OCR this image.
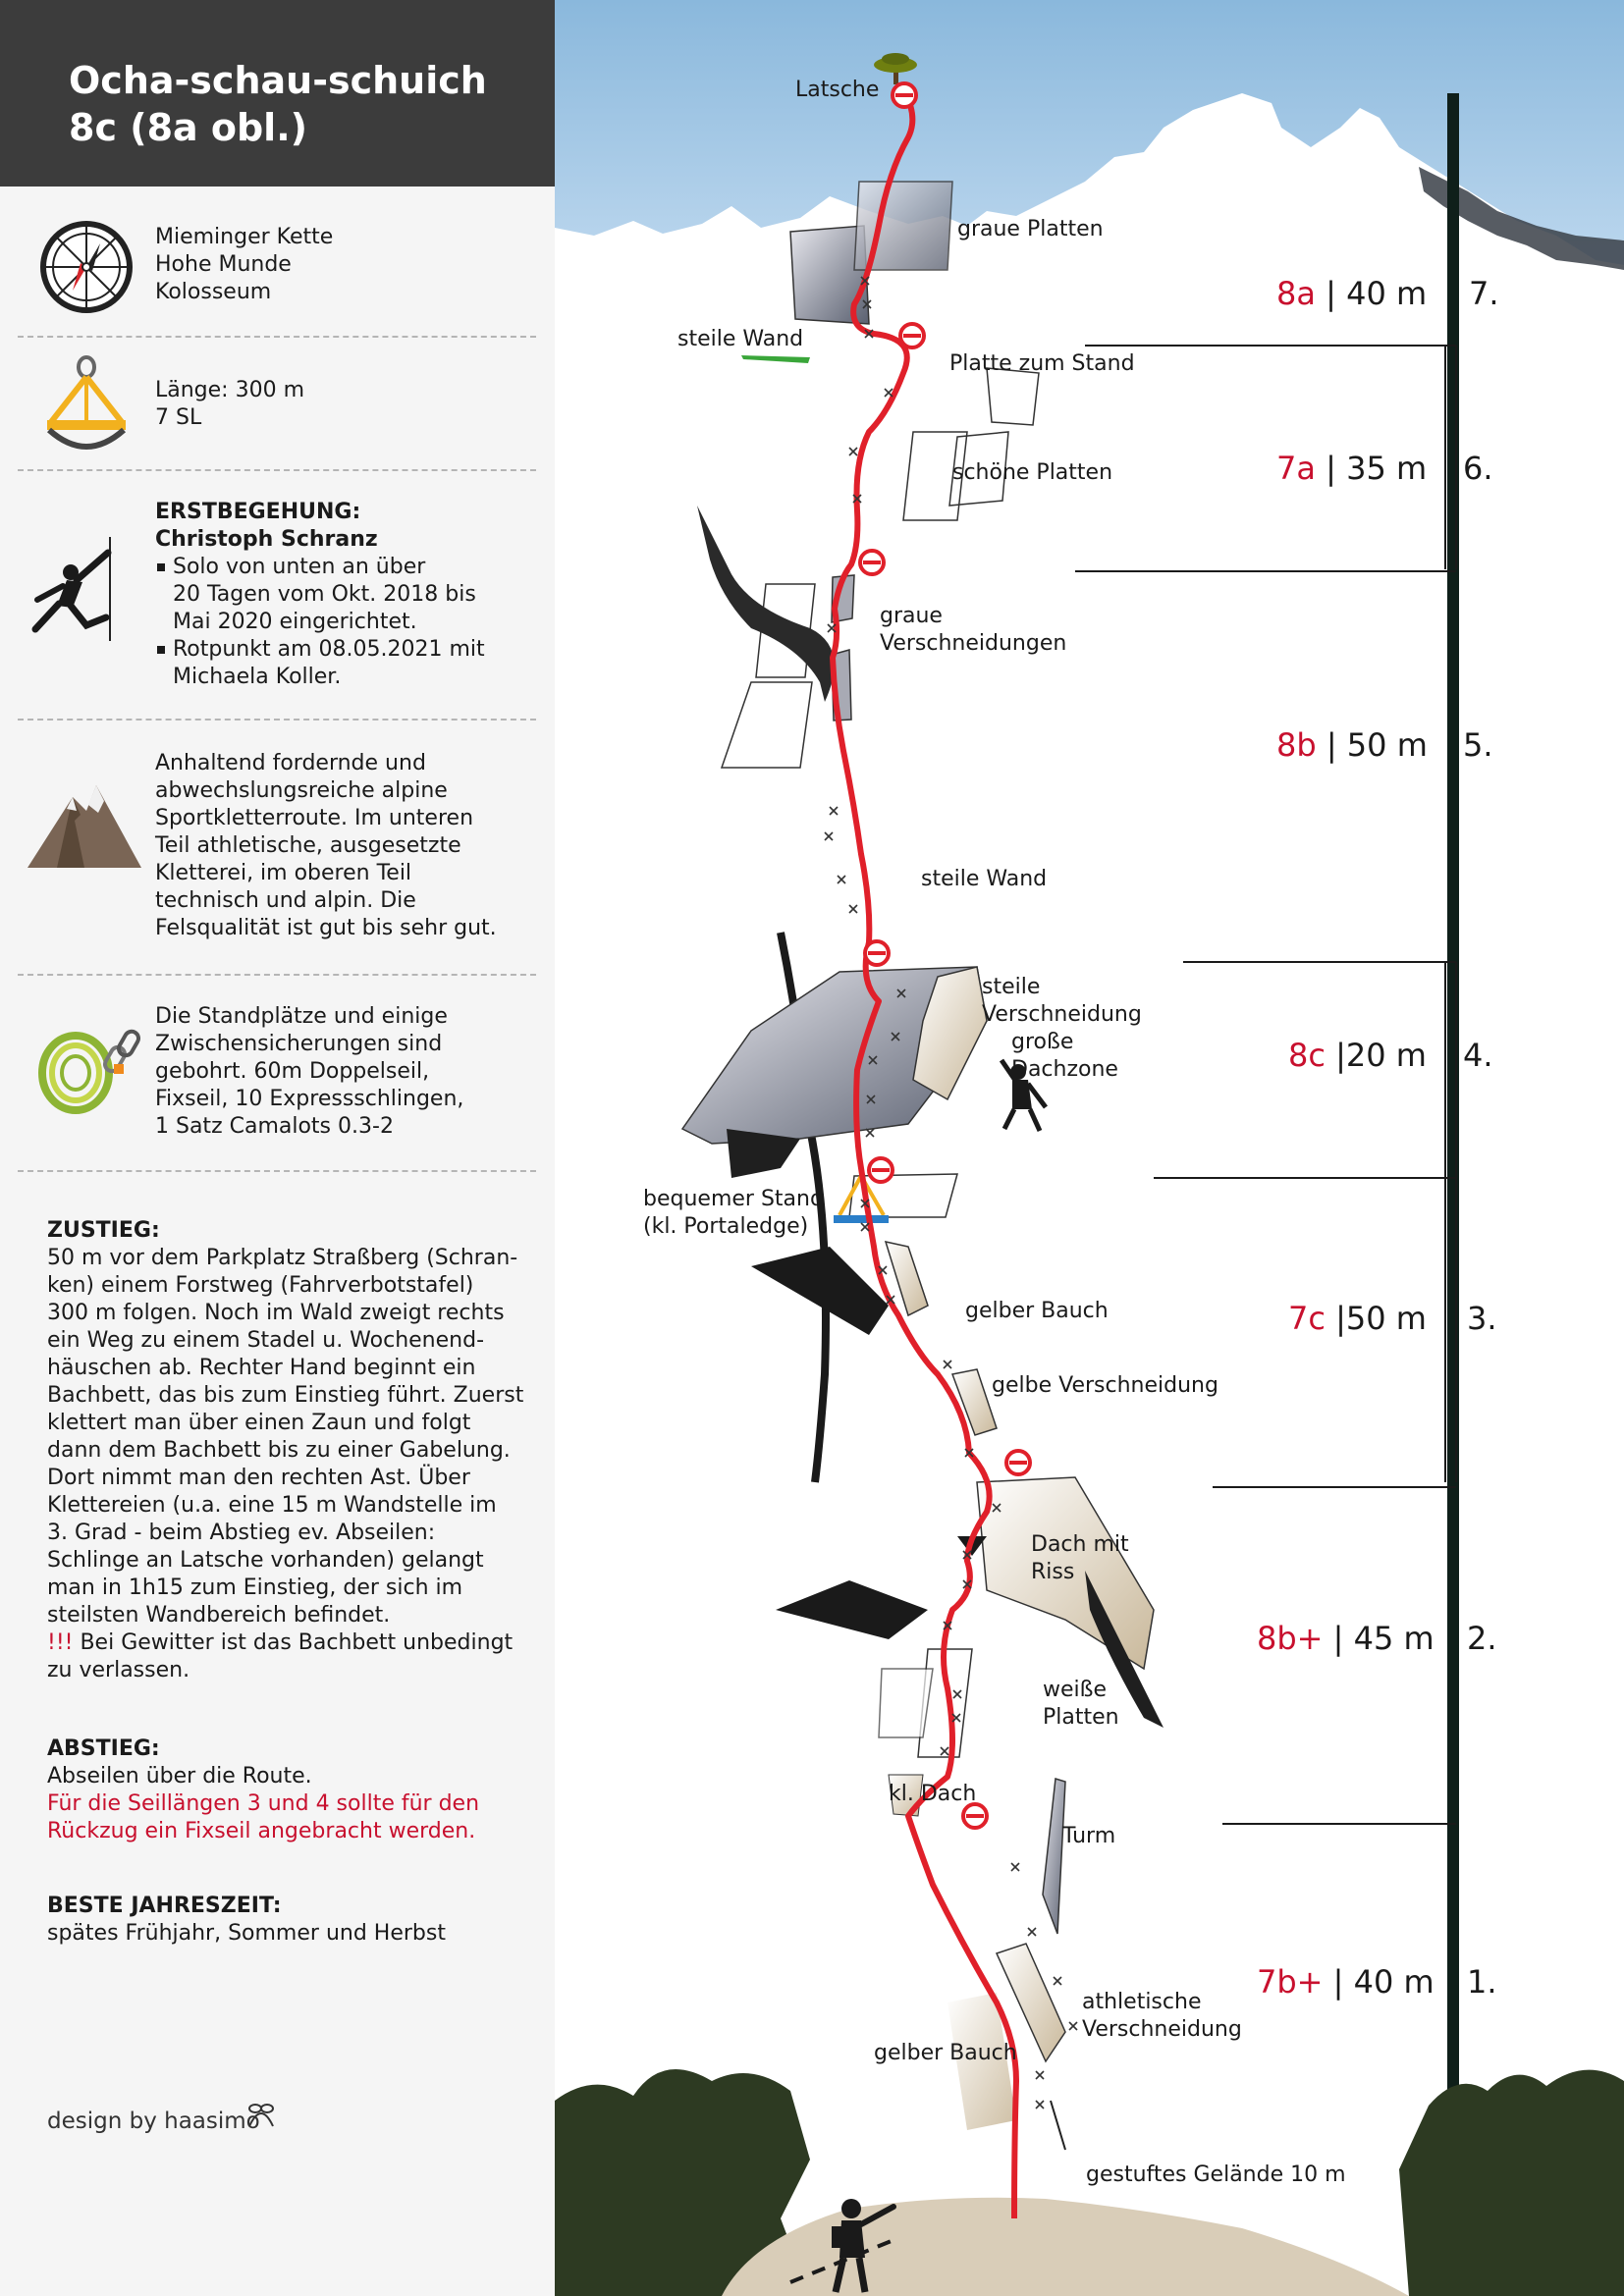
Ocha-schau-schuich
8c (8a obl.)
Mieminger Kette
Hohe Munde
Kolosseum
Länge: 300 m
7 SL
ERSTBEGEHUNG:
Christoph Schranz
Solo von unten an über
20 Tagen vom Okt. 2018 bis
Mai 2020 eingerichtet.
Rotpunkt am 08.05.2021 mit
Michaela Koller.
Anhaltend fordernde und
abwechslungsreiche alpine
Sportkletterroute. Im unteren
Teil athletische, ausgesetzte
Kletterei, im oberen Teil
technisch und alpin. Die
Felsqualität ist gut bis sehr gut.
Die Standplätze und einige
Zwischensicherungen sind
gebohrt. 60m Doppelseil,
Fixseil, 10 Expressschlingen,
1 Satz Camalots 0.3-2
ZUSTIEG:
50 m vor dem Parkplatz Straßberg (Schran-
ken) einem Forstweg (Fahrverbotstafel)
300 m folgen. Noch im Wald zweigt rechts
ein Weg zu einem Stadel u. Wochenend-
häuschen ab. Rechter Hand beginnt ein
Bachbett, das bis zum Einstieg führt. Zuerst
klettert man über einen Zaun und folgt
dann dem Bachbett bis zu einer Gabelung.
Dort nimmt man den rechten Ast. Über
Klettereien (u.a. eine 15 m Wandstelle im
3. Grad - beim Abstieg ev. Abseilen:
Schlinge an Latsche vorhanden) gelangt
man in 1h15 zum Einstieg, der sich im
steilsten Wandbereich befindet.
!!! Bei Gewitter ist das Bachbett unbedingt
zu verlassen.
ABSTIEG:
Abseilen über die Route.
Für die Seillängen 3 und 4 sollte für den
Rückzug ein Fixseil angebracht werden.
BESTE JAHRESZEIT:
spätes Frühjahr, Sommer und Herbst
design by haasimo
Latsche
graue Platten
steile Wand
Platte zum Stand
schöne Platten
graue
Verschneidungen
steile Wand
steile
Verschneidung
große
Dachzone
bequemer Stand
(kl. Portaledge)
gelber Bauch
gelbe Verschneidung
Dach mit
Riss
weiße
Platten
kl. Dach
Turm
athletische
Verschneidung
gelber Bauch
gestuftes Gelände 10 m
8a | 40 m 7.
7a | 35 m 6.
8b | 50 m 5.
8c |20 m 4.
7c |50 m 3.
8b+ | 45 m 2.
7b+ | 40 m 1.
